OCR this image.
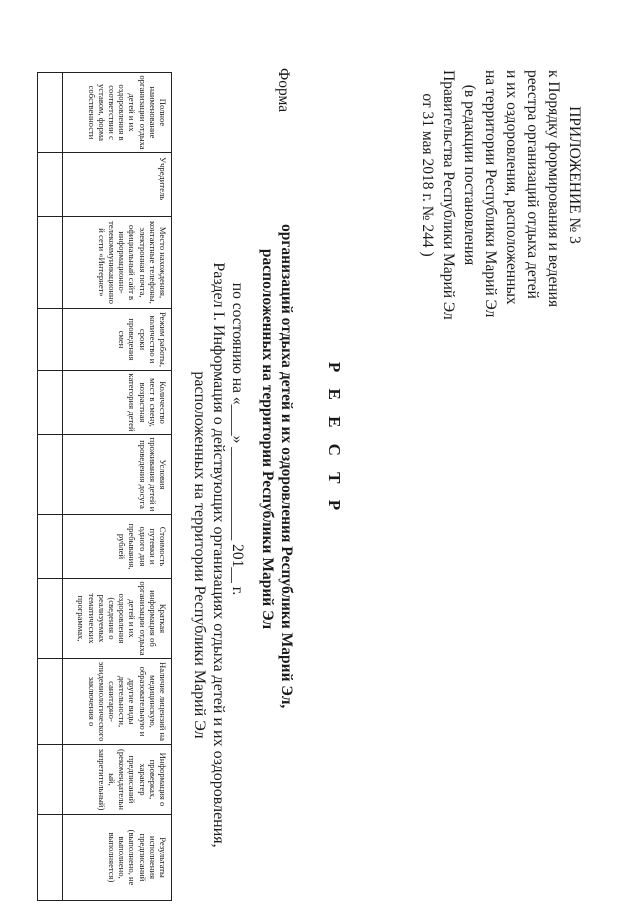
ПРИЛОЖЕНИЕ № 3
к Порядку формирования и ведения
реестра организаций отдыха детей
и их оздоровления, расположенных
на территории Республики Марий Эл
(в редакции постановления
Правительства Республики Марий Эл
от 31 мая 2018 г. № 244 )
Форма
Р Е Е С Т Р
организаций отдыха детей и их оздоровления Республики Марий Эл,
расположенных на территории Республики Марий Эл
по состоянию на «____» ____________ 201__ г.
Раздел I. Информация о действующих организациях отдыха детей и их оздоровления,
расположенных на территории Республики Марий Эл
Полное наименование организации отдыха детей и их оздоровления в соответствии с уставом, форма собственности	Учредитель	Место нахождения, контактные телефоны, электронная почта, официальный сайт в информационно-телекоммуникационной сети «Интернет»	Режим работы, количество и сроки проведения смен	Количество мест в смену, возрастная категория детей	Условия проживания детей и проведения досуга	Стоимость путевки и одного дня пребывания, рублей	Краткая информация об организации отдыха детей и их оздоровления (сведения о реализуемых тематических программах,	Наличие лицензий на медицинскую, образовательную и другие виды деятельности, санитарно-эпидемиологического заключения о	Информация о проверках, характер предписаний (рекомендательный, запретительный)	Результаты исполнения предписаний (выполнено, не выполнено, выполняется)
